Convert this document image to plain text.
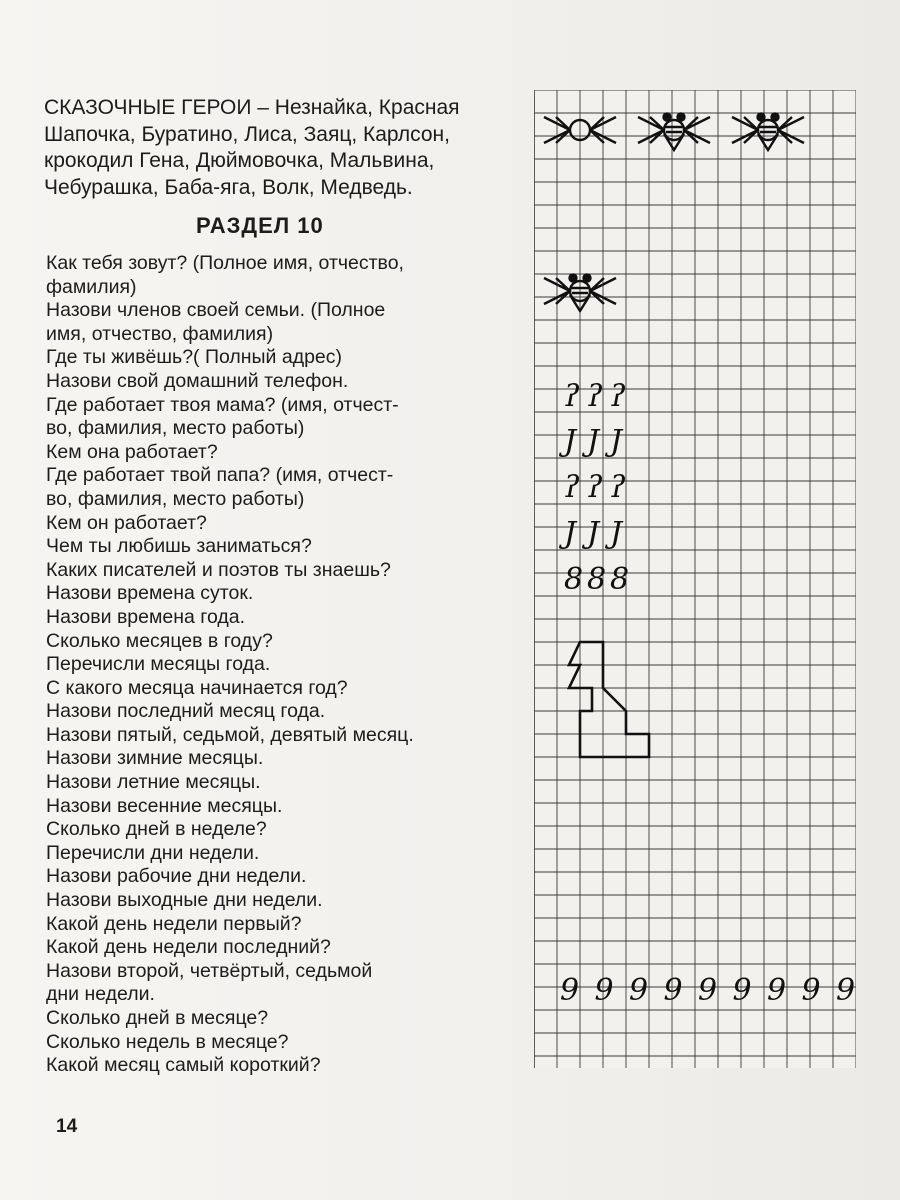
СКАЗОЧНЫЕ ГЕРОИ – Незнайка, Красная
Шапочка, Буратино, Лиса, Заяц, Карлсон,
крокодил Гена, Дюймовочка, Мальвина,
Чебурашка, Баба-яга, Волк, Медведь.
РАЗДЕЛ 10
Как тебя зовут? (Полное имя, отчество,
фамилия)
Назови членов своей семьи. (Полное
имя, отчество, фамилия)
Где ты живёшь?( Полный адрес)
Назови свой домашний телефон.
Где работает твоя мама? (имя, отчест-
во, фамилия, место работы)
Кем она работает?
Где работает твой папа? (имя, отчест-
во, фамилия, место работы)
Кем он работает?
Чем ты любишь заниматься?
Каких писателей и поэтов ты знаешь?
Назови времена суток.
Назови времена года.
Сколько месяцев в году?
Перечисли месяцы года.
С какого месяца начинается год?
Назови последний месяц года.
Назови пятый, седьмой, девятый месяц.
Назови зимние месяцы.
Назови летние месяцы.
Назови весенние месяцы.
Сколько дней в неделе?
Перечисли дни недели.
Назови рабочие дни недели.
Назови выходные дни недели.
Какой день недели первый?
Какой день недели последний?
Назови второй, четвёртый, седьмой
дни недели.
Сколько дней в месяце?
Сколько недель в месяце?
Какой месяц самый короткий?
14
ʔ ʔ ʔ
J J J
ʔ ʔ ʔ
J J J
8 8 8
9 9 9 9 9 9 9 9 9
